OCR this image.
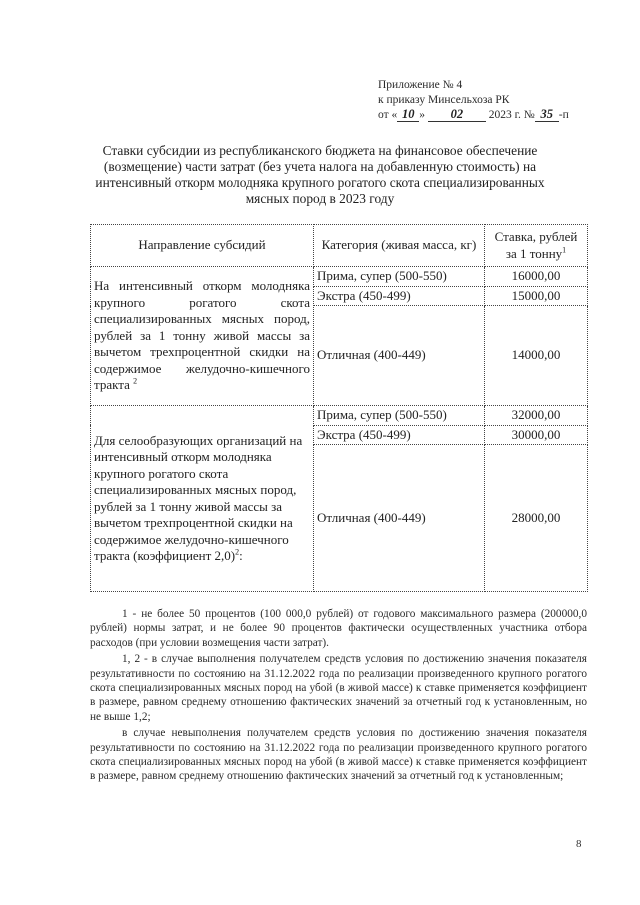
Приложение № 4
к приказу Минсельхоза РК
от « 10 » 02 2023 г. № 35 -п
Ставки субсидии из республиканского бюджета на финансовое обеспечение (возмещение) части затрат (без учета налога на добавленную стоимость) на интенсивный откорм молодняка крупного рогатого скота специализированных мясных пород в 2023 году
Направление субсидий	Категория (живая масса, кг)	Ставка, рублей за 1 тонну$^1$
На интенсивный откорм молодняка крупного рогатого скота специализированных мясных пород, рублей за 1 тонну живой массы за вычетом трехпроцентной скидки на содержимое желудочно-кишечного тракта $^2$	Прима, супер (500-550)	16000,00
	Экстра (450-499)	15000,00
	Отличная (400-449)	14000,00
Для селообразующих организаций на интенсивный откорм молодняка крупного рогатого скота специализированных мясных пород, рублей за 1 тонну живой массы за вычетом трехпроцентной скидки на содержимое желудочно-кишечного тракта (коэффициент 2,0)$^2$:	Прима, супер (500-550)	32000,00
	Экстра (450-499)	30000,00
	Отличная (400-449)	28000,00

1 - не более 50 процентов (100 000,0 рублей) от годового максимального размера (200000,0 рублей) нормы затрат, и не более 90 процентов фактически осуществленных участника отбора расходов (при условии возмещения части затрат).

1, 2 - в случае выполнения получателем средств условия по достижению значения показателя результативности по состоянию на 31.12.2022 года по реализации произведенного крупного рогатого скота специализированных мясных пород на убой (в живой массе) к ставке применяется коэффициент в размере, равном среднему отношению фактических значений за отчетный год к установленным, но не выше 1,2;

в случае невыполнения получателем средств условия по достижению значения показателя результативности по состоянию на 31.12.2022 года по реализации произведенного крупного рогатого скота специализированных мясных пород на убой (в живой массе) к ставке применяется коэффициент в размере, равном среднему отношению фактических значений за отчетный год к установленным;

8
